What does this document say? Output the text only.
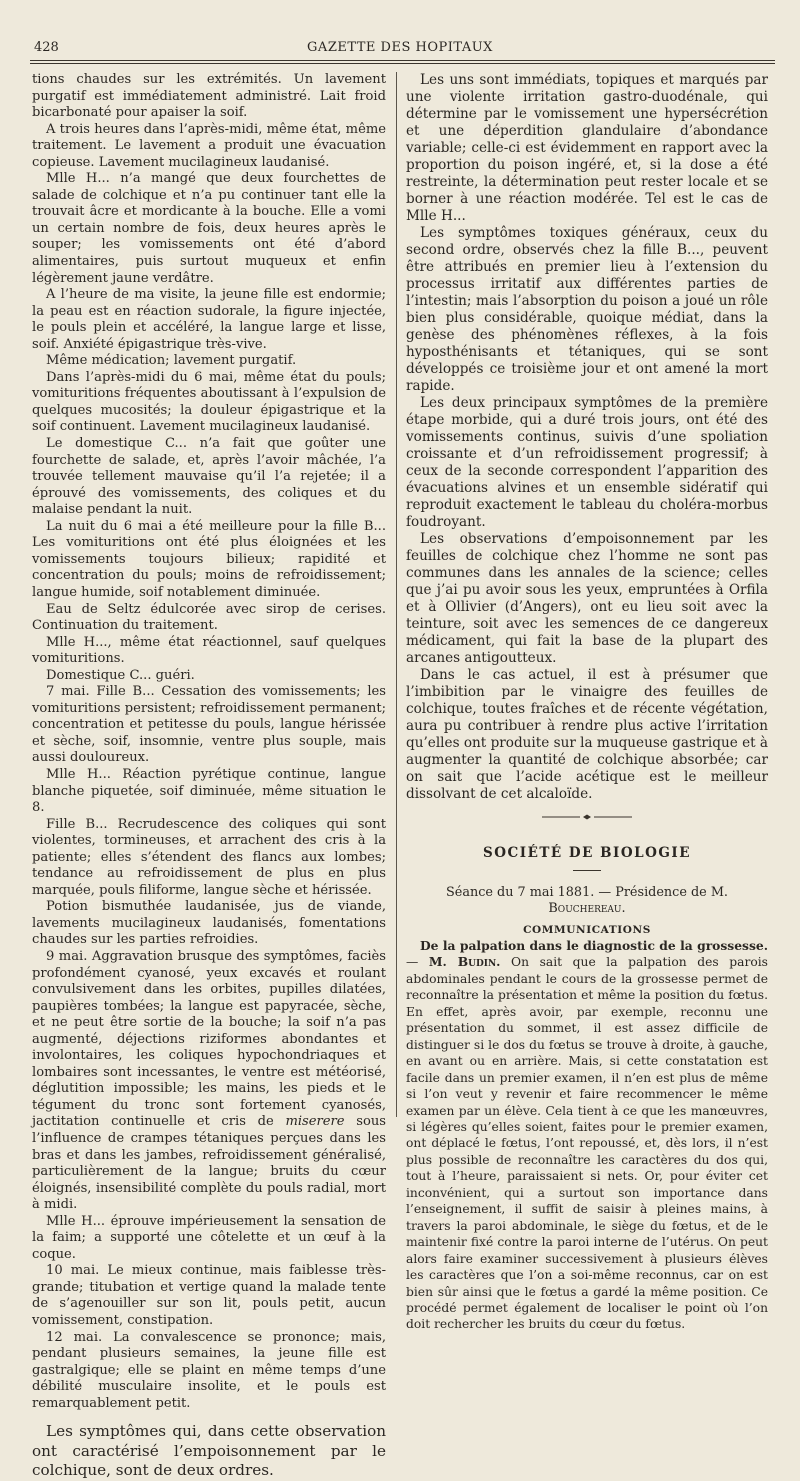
428	GAZETTE DES HOPITAUX

tions chaudes sur les extrémités. Un lavement purgatif est immédiatement administré. Lait froid bicarbonaté pour apaiser la soif.

A trois heures dans l’après-midi, même état, même traitement. Le lavement a produit une évacuation copieuse. Lavement mucilagineux laudanisé.

Mlle H... n’a mangé que deux fourchettes de salade de colchique et n’a pu continuer tant elle la trouvait âcre et mordicante à la bouche. Elle a vomi un certain nombre de fois, deux heures après le souper; les vomissements ont été d’abord alimentaires, puis surtout muqueux et enfin légèrement jaune verdâtre.

A l’heure de ma visite, la jeune fille est endormie; la peau est en réaction sudorale, la figure injectée, le pouls plein et accéléré, la langue large et lisse, soif. Anxiété épigastrique très-vive.

Même médication; lavement purgatif.

Dans l’après-midi du 6 mai, même état du pouls; vomituritions fréquentes aboutissant à l’expulsion de quelques mucosités; la douleur épigastrique et la soif continuent. Lavement mucilagineux laudanisé.

Le domestique C... n’a fait que goûter une fourchette de salade, et, après l’avoir mâchée, l’a trouvée tellement mauvaise qu’il l’a rejetée; il a éprouvé des vomissements, des coliques et du malaise pendant la nuit.

La nuit du 6 mai a été meilleure pour la fille B... Les vomituritions ont été plus éloignées et les vomissements toujours bilieux; rapidité et concentration du pouls; moins de refroidissement; langue humide, soif notablement diminuée.

Eau de Seltz édulcorée avec sirop de cerises. Continuation du traitement.

Mlle H..., même état réactionnel, sauf quelques vomituritions.

Domestique C... guéri.

7 mai. Fille B... Cessation des vomissements; les vomituritions persistent; refroidissement permanent; concentration et petitesse du pouls, langue hérissée et sèche, soif, insomnie, ventre plus souple, mais aussi douloureux.

Mlle H... Réaction pyrétique continue, langue blanche piquetée, soif diminuée, même situation le 8.

Fille B... Recrudescence des coliques qui sont violentes, tormineuses, et arrachent des cris à la patiente; elles s’étendent des flancs aux lombes; tendance au refroidissement de plus en plus marquée, pouls filiforme, langue sèche et hérissée.

Potion bismuthée laudanisée, jus de viande, lavements mucilagineux laudanisés, fomentations chaudes sur les parties refroidies.

9 mai. Aggravation brusque des symptômes, faciès profondément cyanosé, yeux excavés et roulant convulsivement dans les orbites, pupilles dilatées, paupières tombées; la langue est papyracée, sèche, et ne peut être sortie de la bouche; la soif n’a pas augmenté, déjections riziformes abondantes et involontaires, les coliques hypochondriaques et lombaires sont incessantes, le ventre est météorisé, déglutition impossible; les mains, les pieds et le tégument du tronc sont fortement cyanosés, jactitation continuelle et cris de miserere sous l’influence de crampes tétaniques perçues dans les bras et dans les jambes, refroidissement généralisé, particulièrement de la langue; bruits du cœur éloignés, insensibilité complète du pouls radial, mort à midi.

Mlle H... éprouve impérieusement la sensation de la faim; a supporté une côtelette et un œuf à la coque.

10 mai. Le mieux continue, mais faiblesse très-grande; titubation et vertige quand la malade tente de s’agenouiller sur son lit, pouls petit, aucun vomissement, constipation.

12 mai. La convalescence se prononce; mais, pendant plusieurs semaines, la jeune fille est gastralgique; elle se plaint en même temps d’une débilité musculaire insolite, et le pouls est remarquablement petit.

Les symptômes qui, dans cette observation ont caractérisé l’empoisonnement par le colchique, sont de deux ordres.

Les uns sont immédiats, topiques et marqués par une violente irritation gastro-duodénale, qui détermine par le vomissement une hypersécrétion et une déperdition glandulaire d’abondance variable; celle-ci est évidemment en rapport avec la proportion du poison ingéré, et, si la dose a été restreinte, la détermination peut rester locale et se borner à une réaction modérée. Tel est le cas de Mlle H...

Les symptômes toxiques généraux, ceux du second ordre, observés chez la fille B..., peuvent être attribués en premier lieu à l’extension du processus irritatif aux différentes parties de l’intestin; mais l’absorption du poison a joué un rôle bien plus considérable, quoique médiat, dans la genèse des phénomènes réflexes, à la fois hyposthénisants et tétaniques, qui se sont développés ce troisième jour et ont amené la mort rapide.

Les deux principaux symptômes de la première étape morbide, qui a duré trois jours, ont été des vomissements continus, suivis d’une spoliation croissante et d’un refroidissement progressif; à ceux de la seconde correspondent l’apparition des évacuations alvines et un ensemble sidératif qui reproduit exactement le tableau du choléra-morbus foudroyant.

Les observations d’empoisonnement par les feuilles de colchique chez l’homme ne sont pas communes dans les annales de la science; celles que j’ai pu avoir sous les yeux, empruntées à Orfila et à Ollivier (d’Angers), ont eu lieu soit avec la teinture, soit avec les semences de ce dangereux médicament, qui fait la base de la plupart des arcanes antigoutteux.

Dans le cas actuel, il est à présumer que l’imbibition par le vinaigre des feuilles de colchique, toutes fraîches et de récente végétation, aura pu contribuer à rendre plus active l’irritation qu’elles ont produite sur la muqueuse gastrique et à augmenter la quantité de colchique absorbée; car on sait que l’acide acétique est le meilleur dissolvant de cet alcaloïde.

SOCIÉTÉ DE BIOLOGIE
Séance du 7 mai 1881. — Présidence de M. Bouchereau.
COMMUNICATIONS

De la palpation dans le diagnostic de la grossesse. — M. Budin. On sait que la palpation des parois abdominales pendant le cours de la grossesse permet de reconnaître la présentation et même la position du fœtus. En effet, après avoir, par exemple, reconnu une présentation du sommet, il est assez difficile de distinguer si le dos du fœtus se trouve à droite, à gauche, en avant ou en arrière. Mais, si cette constatation est facile dans un premier examen, il n’en est plus de même si l’on veut y revenir et faire recommencer le même examen par un élève. Cela tient à ce que les manœuvres, si légères qu’elles soient, faites pour le premier examen, ont déplacé le fœtus, l’ont repoussé, et, dès lors, il n’est plus possible de reconnaître les caractères du dos qui, tout à l’heure, paraissaient si nets. Or, pour éviter cet inconvénient, qui a surtout son importance dans l’enseignement, il suffit de saisir à pleines mains, à travers la paroi abdominale, le siège du fœtus, et de le maintenir fixé contre la paroi interne de l’utérus. On peut alors faire examiner successivement à plusieurs élèves les caractères que l’on a soi-même reconnus, car on est bien sûr ainsi que le fœtus a gardé la même position. Ce procédé permet également de localiser le point où l’on doit rechercher les bruits du cœur du fœtus.
